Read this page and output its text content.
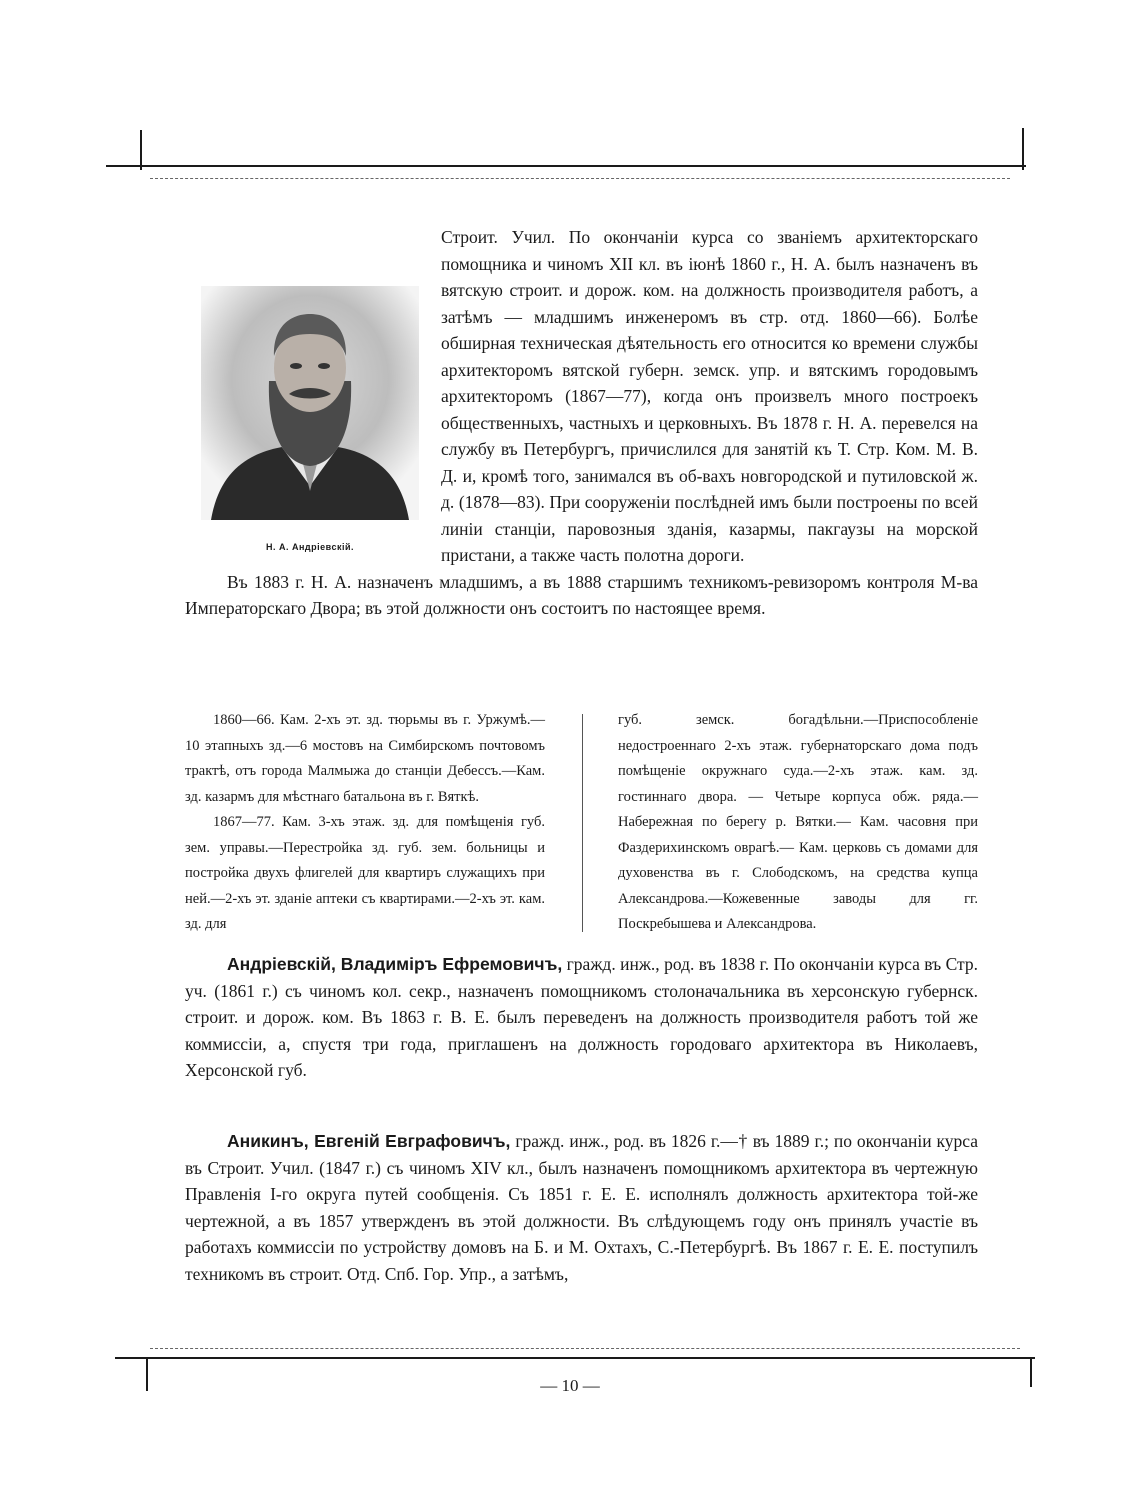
Н. А. Андріевскій.
Строит. Учил. По окончаніи курса со званіемъ архитекторскаго помощника и чиномъ XII кл. въ іюнѣ 1860 г., Н. А. былъ назначенъ въ вятскую строит. и дорож. ком. на должность производителя работъ, а затѣмъ — младшимъ инженеромъ въ стр. отд. 1860—66). Болѣе обширная техническая дѣятельность его относится ко времени службы архитекторомъ вятской губерн. земск. упр. и вятскимъ городовымъ архитекторомъ (1867—77), когда онъ произвелъ много построекъ общественныхъ, частныхъ и церковныхъ. Въ 1878 г. Н. А. перевелся на службу въ Петербургъ, причислился для занятій къ Т. Стр. Ком. М. В. Д. и, кромѣ того, занимался въ об-вахъ новгородской и путиловской ж. д. (1878—83). При сооруженіи послѣдней имъ были построены по всей линіи станціи, паровозныя зданія, казармы, пакгаузы на морской пристани, а также часть полотна дороги.

Въ 1883 г. Н. А. назначенъ младшимъ, а въ 1888 старшимъ техникомъ-ревизоромъ контроля М-ва Императорскаго Двора; въ этой должности онъ состоитъ по настоящее время.

1860—66. Кам. 2-хъ эт. зд. тюрьмы въ г. Уржумѣ.—10 этапныхъ зд.—6 мостовъ на Симбирскомъ почтовомъ трактѣ, отъ города Малмыжа до станціи Дебессъ.—Кам. зд. казармъ для мѣстнаго батальона въ г. Вяткѣ.

1867—77. Кам. 3-хъ этаж. зд. для помѣщенія губ. зем. управы.—Перестройка зд. губ. зем. больницы и постройка двухъ флигелей для квартиръ служащихъ при ней.—2-хъ эт. зданіе аптеки съ квартирами.—2-хъ эт. кам. зд. для

губ. земск. богадѣльни.—Приспособленіе недостроеннаго 2-хъ этаж. губернаторскаго дома подъ помѣщеніе окружнаго суда.—2-хъ этаж. кам. зд. гостиннаго двора. — Четыре корпуса обж. ряда.—Набережная по берегу р. Вятки.— Кам. часовня при Фаздерихинскомъ оврагѣ.— Кам. церковь съ домами для духовенства въ г. Слободскомъ, на средства купца Александрова.—Кожевенные заводы для гг. Поскребышева и Александрова.

Андріевскій, Владиміръ Ефремовичъ, гражд. инж., род. въ 1838 г. По окончаніи курса въ Стр. уч. (1861 г.) съ чиномъ кол. секр., назначенъ помощникомъ столоначальника въ херсонскую губернск. строит. и дорож. ком. Въ 1863 г. В. Е. былъ переведенъ на должность производителя работъ той же коммиссіи, а, спустя три года, приглашенъ на должность городоваго архитектора въ Николаевъ, Херсонской губ.

Аникинъ, Евгеній Евграфовичъ, гражд. инж., род. въ 1826 г.—† въ 1889 г.; по окончаніи курса въ Строит. Учил. (1847 г.) съ чиномъ XIV кл., былъ назначенъ помощникомъ архитектора въ чертежную Правленія I-го округа путей сообщенія. Съ 1851 г. Е. Е. исполнялъ должность архитектора той-же чертежной, а въ 1857 утвержденъ въ этой должности. Въ слѣдующемъ году онъ принялъ участіе въ работахъ коммиссіи по устройству домовъ на Б. и М. Охтахъ, С.-Петербургѣ. Въ 1867 г. Е. Е. поступилъ техникомъ въ строит. Отд. Спб. Гор. Упр., а затѣмъ,

— 10 —
